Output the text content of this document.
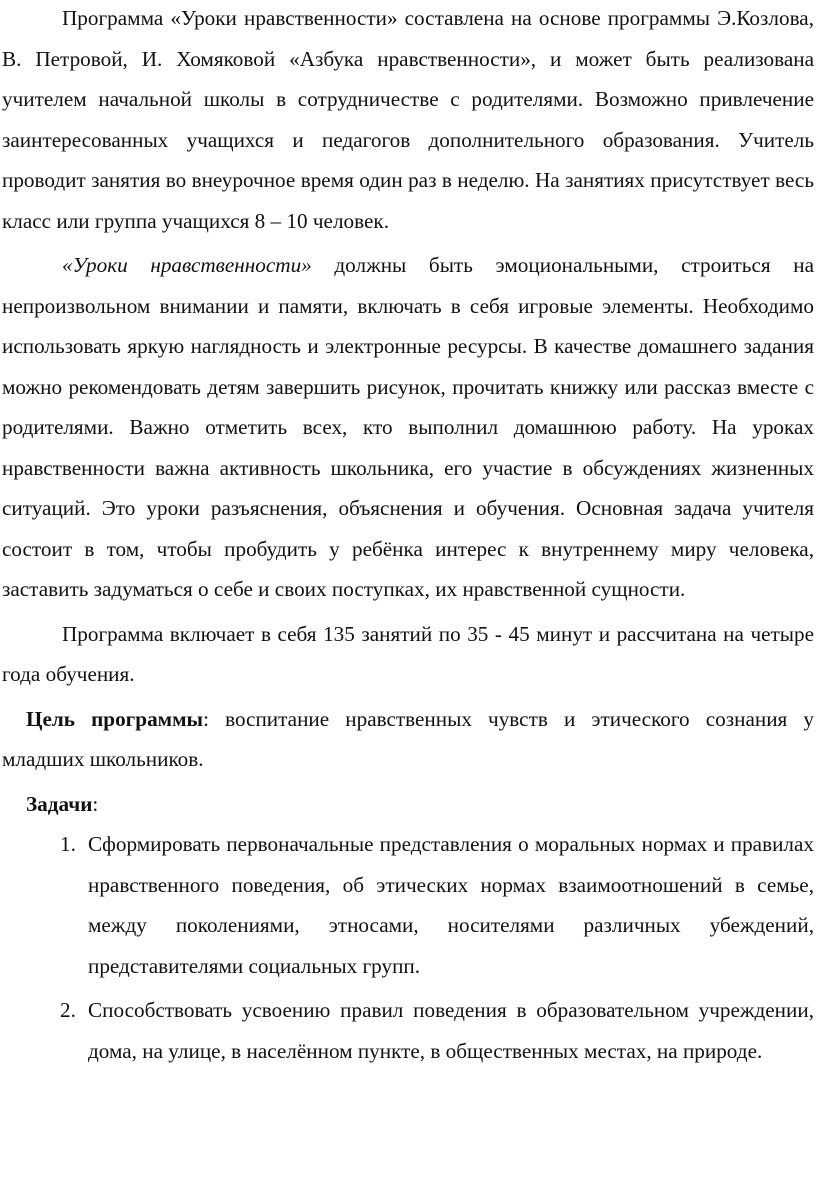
Программа «Уроки нравственности» составлена на основе программы Э.Козлова, В. Петровой, И. Хомяковой «Азбука нравственности», и может быть реализована учителем начальной школы в сотрудничестве с родителями. Возможно привлечение заинтересованных учащихся и педагогов дополнительного образования. Учитель проводит занятия во внеурочное время один раз в неделю. На занятиях присутствует весь класс или группа учащихся 8 – 10 человек.

«Уроки нравственности» должны быть эмоциональными, строиться на непроизвольном внимании и памяти, включать в себя игровые элементы. Необходимо использовать яркую наглядность и электронные ресурсы. В качестве домашнего задания можно рекомендовать детям завершить рисунок, прочитать книжку или рассказ вместе с родителями. Важно отметить всех, кто выполнил домашнюю работу. На уроках нравственности важна активность школьника, его участие в обсуждениях жизненных ситуаций. Это уроки разъяснения, объяснения и обучения. Основная задача учителя состоит в том, чтобы пробудить у ребёнка интерес к внутреннему миру человека, заставить задуматься о себе и своих поступках, их нравственной сущности.

Программа включает в себя 135 занятий по 35 - 45 минут и рассчитана на четыре года обучения.

Цель программы: воспитание нравственных чувств и этического сознания у младших школьников.

Задачи:

1. Сформировать первоначальные представления о моральных нормах и правилах нравственного поведения, об этических нормах взаимоотношений в семье, между поколениями, этносами, носителями различных убеждений, представителями социальных групп.
2. Способствовать усвоению правил поведения в образовательном учреждении, дома, на улице, в населённом пункте, в общественных местах, на природе.
